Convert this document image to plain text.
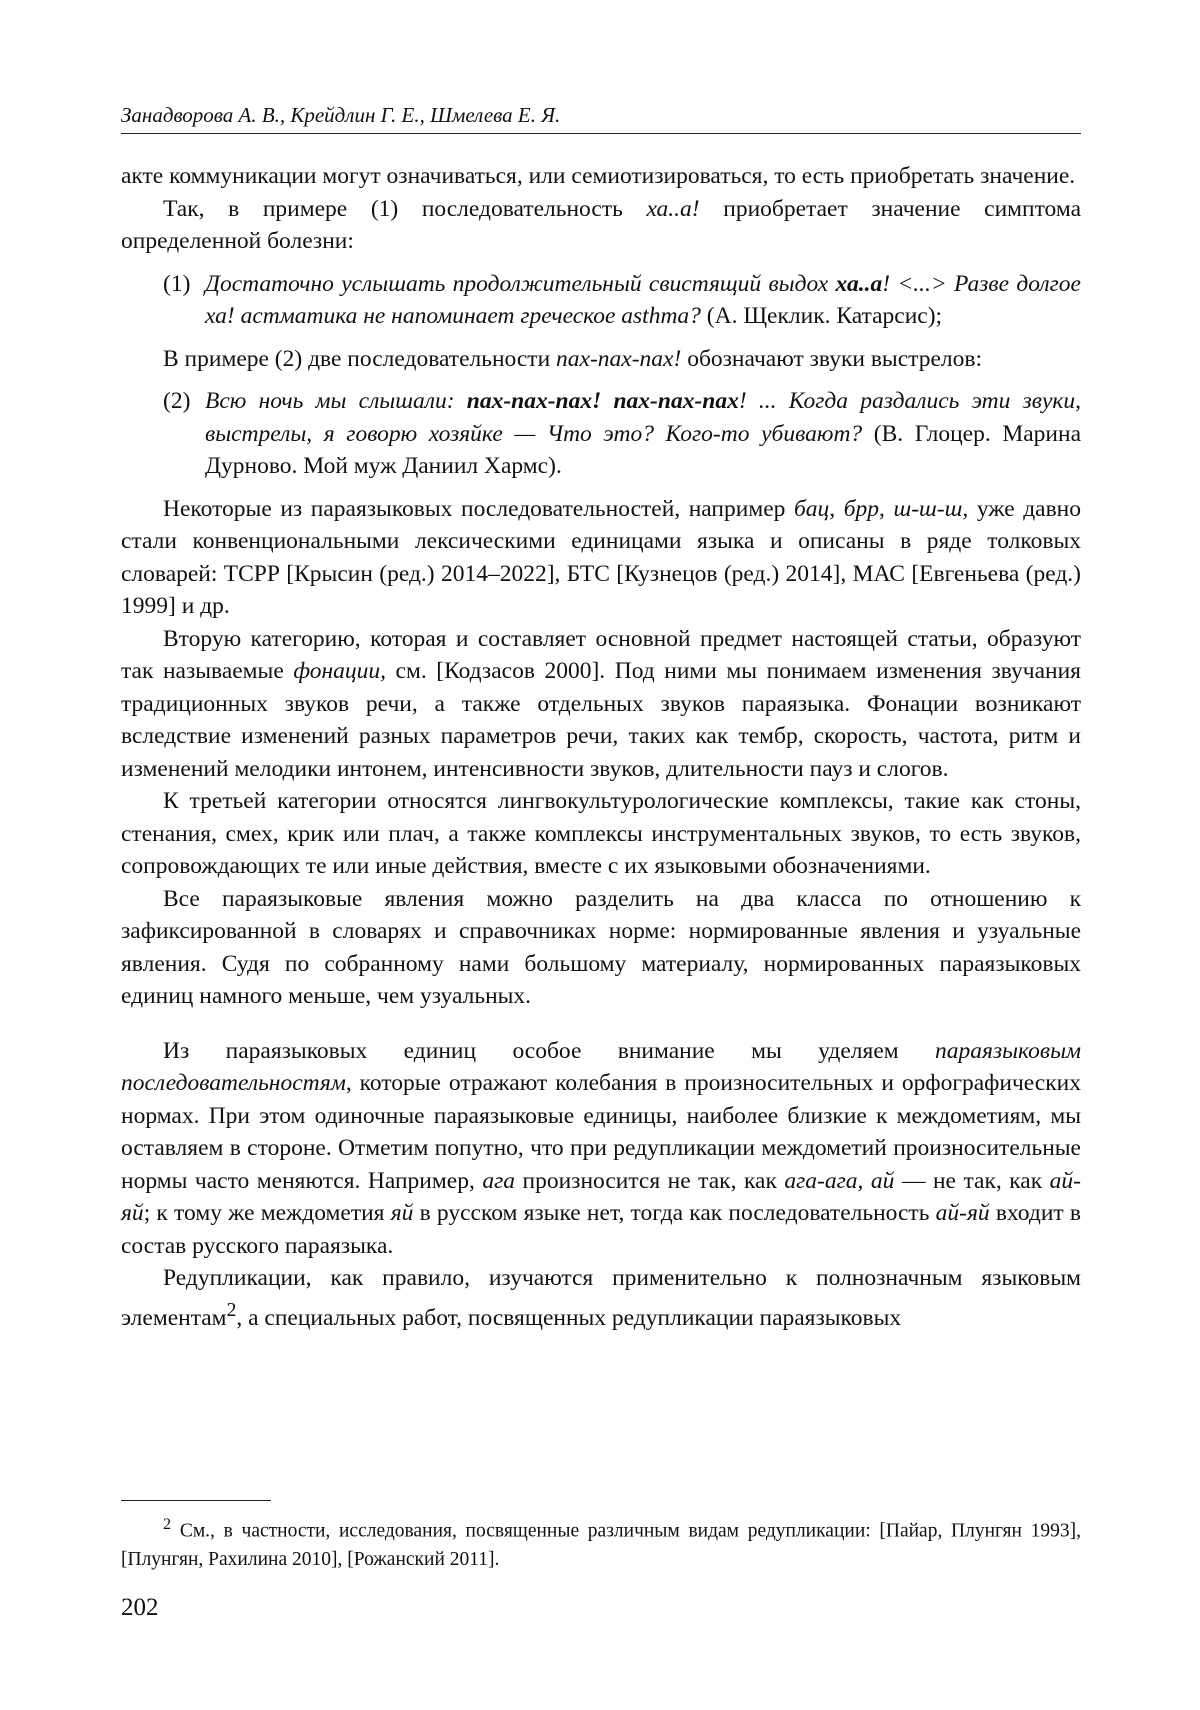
Занадворова А. В., Крейдлин Г. Е., Шмелева Е. Я.

акте коммуникации могут означиваться, или семиотизироваться, то есть приобретать значение.

Так, в примере (1) последовательность ха..а! приобретает значение симптома определенной болезни:

(1) Достаточно услышать продолжительный свистящий выдох ха..а! <...> Разве долгое ха! астматика не напоминает греческое asthma? (А. Щеклик. Катарсис);

В примере (2) две последовательности пах-пах-пах! обозначают звуки выстрелов:

(2) Всю ночь мы слышали: пах-пах-пах! пах-пах-пах! ... Когда раздались эти звуки, выстрелы, я говорю хозяйке — Что это? Кого-то убивают? (В. Глоцер. Марина Дурново. Мой муж Даниил Хармс).

Некоторые из параязыковых последовательностей, например бац, брр, ш-ш-ш, уже давно стали конвенциональными лексическими единицами языка и описаны в ряде толковых словарей: ТСРР [Крысин (ред.) 2014–2022], БТС [Кузнецов (ред.) 2014], МАС [Евгеньева (ред.) 1999] и др.

Вторую категорию, которая и составляет основной предмет настоящей статьи, образуют так называемые фонации, см. [Кодзасов 2000]. Под ними мы понимаем изменения звучания традиционных звуков речи, а также отдельных звуков параязыка. Фонации возникают вследствие изменений разных параметров речи, таких как тембр, скорость, частота, ритм и изменений мелодики интонем, интенсивности звуков, длительности пауз и слогов.

К третьей категории относятся лингвокультурологические комплексы, такие как стоны, стенания, смех, крик или плач, а также комплексы инструментальных звуков, то есть звуков, сопровождающих те или иные действия, вместе с их языковыми обозначениями.

Все параязыковые явления можно разделить на два класса по отношению к зафиксированной в словарях и справочниках норме: нормированные явления и узуальные явления. Судя по собранному нами большому материалу, нормированных параязыковых единиц намного меньше, чем узуальных.

Из параязыковых единиц особое внимание мы уделяем параязыковым последовательностям, которые отражают колебания в произносительных и орфографических нормах. При этом одиночные параязыковые единицы, наиболее близкие к междометиям, мы оставляем в стороне. Отметим попутно, что при редупликации междометий произносительные нормы часто меняются. Например, ага произносится не так, как ага-ага, ай — не так, как ай-яй; к тому же междометия яй в русском языке нет, тогда как последовательность ай-яй входит в состав русского параязыка.

Редупликации, как правило, изучаются применительно к полнозначным языковым элементам$^2$, а специальных работ, посвященных редупликации параязыковых

$^2$ См., в частности, исследования, посвященные различным видам редупликации: [Пайар, Плунгян 1993], [Плунгян, Рахилина 2010], [Рожанский 2011].
202
